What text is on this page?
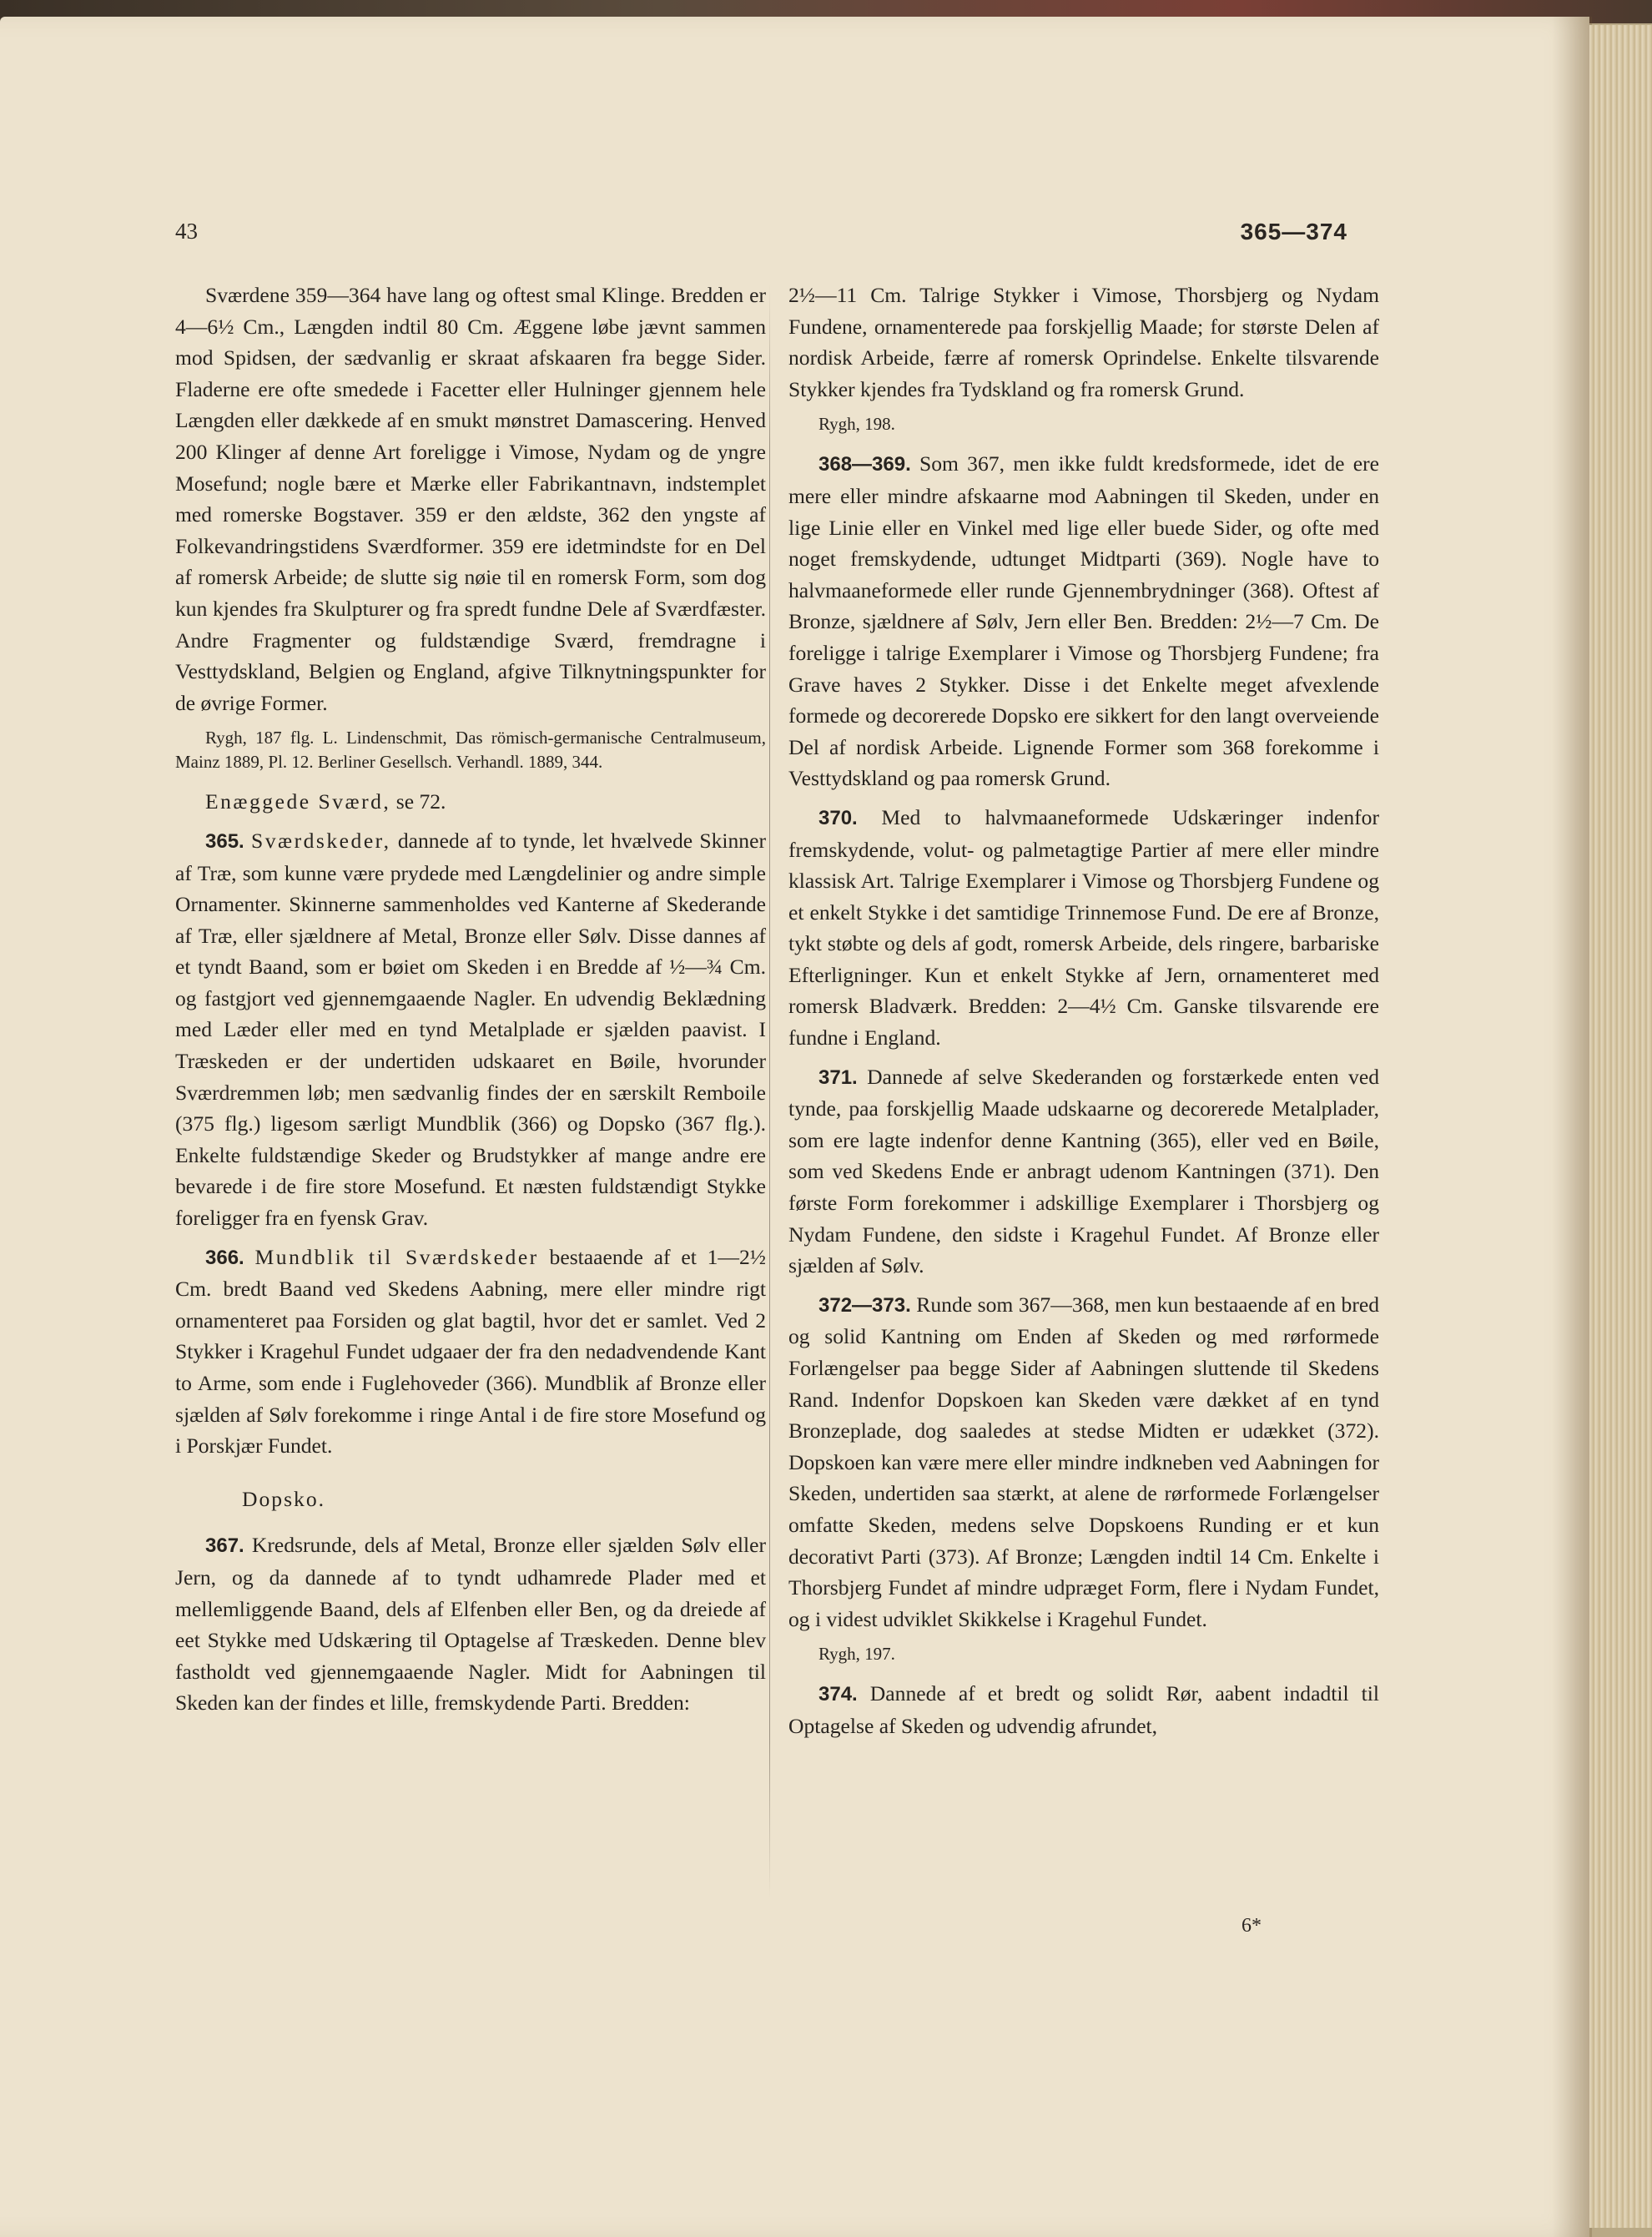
43	365—374

Sværdene 359—364 have lang og oftest smal Klinge. Bredden er 4—6½ Cm., Længden indtil 80 Cm. Æggene løbe jævnt sammen mod Spidsen, der sædvanlig er skraat afskaaren fra begge Sider. Fladerne ere ofte smedede i Facetter eller Hulninger gjennem hele Længden eller dækkede af en smukt mønstret Damascering. Henved 200 Klinger af denne Art foreligge i Vimose, Nydam og de yngre Mosefund; nogle bære et Mærke eller Fabrikantnavn, indstemplet med romerske Bogstaver. 359 er den ældste, 362 den yngste af Folkevandringstidens Sværdformer. 359 ere idetmindste for en Del af romersk Arbeide; de slutte sig nøie til en romersk Form, som dog kun kjendes fra Skulpturer og fra spredt fundne Dele af Sværdfæster. Andre Fragmenter og fuldstændige Sværd, fremdragne i Vesttydskland, Belgien og England, afgive Tilknytningspunkter for de øvrige Former.

Rygh, 187 flg. L. Lindenschmit, Das römisch-germanische Centralmuseum, Mainz 1889, Pl. 12. Berliner Gesellsch. Verhandl. 1889, 344.

Enæggede Sværd, se 72.

365. Sværdskeder, dannede af to tynde, let hvælvede Skinner af Træ, som kunne være prydede med Længdelinier og andre simple Ornamenter. Skinnerne sammenholdes ved Kanterne af Skederande af Træ, eller sjældnere af Metal, Bronze eller Sølv. Disse dannes af et tyndt Baand, som er bøiet om Skeden i en Bredde af ½—¾ Cm. og fastgjort ved gjennemgaaende Nagler. En udvendig Beklædning med Læder eller med en tynd Metalplade er sjælden paavist. I Træskeden er der undertiden udskaaret en Bøile, hvorunder Sværdremmen løb; men sædvanlig findes der en særskilt Remboile (375 flg.) ligesom særligt Mundblik (366) og Dopsko (367 flg.). Enkelte fuldstændige Skeder og Brudstykker af mange andre ere bevarede i de fire store Mosefund. Et næsten fuldstændigt Stykke foreligger fra en fyensk Grav.

366. Mundblik til Sværdskeder bestaaende af et 1—2½ Cm. bredt Baand ved Skedens Aabning, mere eller mindre rigt ornamenteret paa Forsiden og glat bagtil, hvor det er samlet. Ved 2 Stykker i Kragehul Fundet udgaaer der fra den nedadvendende Kant to Arme, som ende i Fuglehoveder (366). Mundblik af Bronze eller sjælden af Sølv forekomme i ringe Antal i de fire store Mosefund og i Porskjær Fundet.

Dopsko.

367. Kredsrunde, dels af Metal, Bronze eller sjælden Sølv eller Jern, og da dannede af to tyndt udhamrede Plader med et mellemliggende Baand, dels af Elfenben eller Ben, og da dreiede af eet Stykke med Udskæring til Optagelse af Træskeden. Denne blev fastholdt ved gjennemgaaende Nagler. Midt for Aabningen til Skeden kan der findes et lille, fremskydende Parti. Bredden:

2½—11 Cm. Talrige Stykker i Vimose, Thorsbjerg og Nydam Fundene, ornamenterede paa forskjellig Maade; for største Delen af nordisk Arbeide, færre af romersk Oprindelse. Enkelte tilsvarende Stykker kjendes fra Tydskland og fra romersk Grund.

Rygh, 198.

368—369. Som 367, men ikke fuldt kredsformede, idet de ere mere eller mindre afskaarne mod Aabningen til Skeden, under en lige Linie eller en Vinkel med lige eller buede Sider, og ofte med noget fremskydende, udtunget Midtparti (369). Nogle have to halvmaaneformede eller runde Gjennembrydninger (368). Oftest af Bronze, sjældnere af Sølv, Jern eller Ben. Bredden: 2½—7 Cm. De foreligge i talrige Exemplarer i Vimose og Thorsbjerg Fundene; fra Grave haves 2 Stykker. Disse i det Enkelte meget afvexlende formede og decorerede Dopsko ere sikkert for den langt overveiende Del af nordisk Arbeide. Lignende Former som 368 forekomme i Vesttydskland og paa romersk Grund.

370. Med to halvmaaneformede Udskæringer indenfor fremskydende, volut- og palmetagtige Partier af mere eller mindre klassisk Art. Talrige Exemplarer i Vimose og Thorsbjerg Fundene og et enkelt Stykke i det samtidige Trinnemose Fund. De ere af Bronze, tykt støbte og dels af godt, romersk Arbeide, dels ringere, barbariske Efterligninger. Kun et enkelt Stykke af Jern, ornamenteret med romersk Bladværk. Bredden: 2—4½ Cm. Ganske tilsvarende ere fundne i England.

371. Dannede af selve Skederanden og forstærkede enten ved tynde, paa forskjellig Maade udskaarne og decorerede Metalplader, som ere lagte indenfor denne Kantning (365), eller ved en Bøile, som ved Skedens Ende er anbragt udenom Kantningen (371). Den første Form forekommer i adskillige Exemplarer i Thorsbjerg og Nydam Fundene, den sidste i Kragehul Fundet. Af Bronze eller sjælden af Sølv.

372—373. Runde som 367—368, men kun bestaaende af en bred og solid Kantning om Enden af Skeden og med rørformede Forlængelser paa begge Sider af Aabningen sluttende til Skedens Rand. Indenfor Dopskoen kan Skeden være dækket af en tynd Bronzeplade, dog saaledes at stedse Midten er udækket (372). Dopskoen kan være mere eller mindre indkneben ved Aabningen for Skeden, undertiden saa stærkt, at alene de rørformede Forlængelser omfatte Skeden, medens selve Dopskoens Runding er et kun decorativt Parti (373). Af Bronze; Længden indtil 14 Cm. Enkelte i Thorsbjerg Fundet af mindre udpræget Form, flere i Nydam Fundet, og i videst udviklet Skikkelse i Kragehul Fundet.

Rygh, 197.

374. Dannede af et bredt og solidt Rør, aabent indadtil til Optagelse af Skeden og udvendig afrundet,

6*
